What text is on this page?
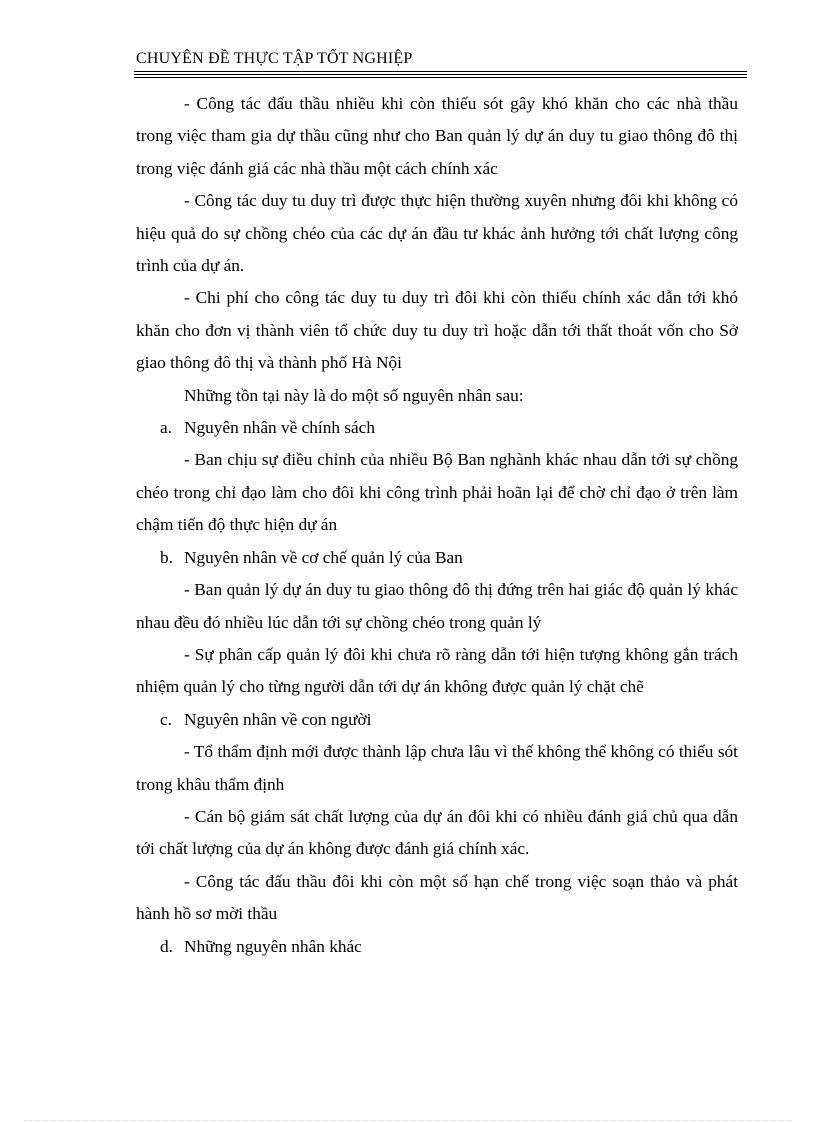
CHUYÊN ĐỀ THỰC TẬP TỐT NGHIỆP

- Công tác đấu thầu nhiều khi còn thiếu sót gây khó khăn cho các nhà thầu trong việc tham gia dự thầu cũng như cho Ban quản lý dự án duy tu giao thông đô thị trong việc đánh giá các nhà thầu một cách chính xác

- Công tác duy tu duy trì được thực hiện thường xuyên nhưng đôi khi không có hiệu quả do sự chồng chéo của các dự án đầu tư khác ảnh hưởng tới chất lượng công trình của dự án.

- Chi phí cho công tác duy tu duy trì đôi khi còn thiếu chính xác dẫn tới khó khăn cho đơn vị thành viên tổ chức duy tu duy trì hoặc dẫn tới thất thoát vốn cho Sở giao thông đô thị và thành phố Hà Nội

Những tồn tại này là do một số nguyên nhân sau:

a. Nguyên nhân về chính sách

- Ban chịu sự điều chỉnh của nhiều Bộ Ban nghành khác nhau dẫn tới sự chồng chéo trong chỉ đạo làm cho đôi khi công trình phải hoãn lại để chờ chỉ đạo ở trên làm chậm tiến độ thực hiện dự án

b. Nguyên nhân về cơ chế quản lý của Ban

- Ban quản lý dự án duy tu giao thông đô thị đứng trên hai giác độ quản lý khác nhau đều đó nhiều lúc dẫn tới sự chồng chéo trong quản lý

- Sự phân cấp quản lý đôi khi chưa rõ ràng dẫn tới hiện tượng không gắn trách nhiệm quản lý cho từng người dẫn tới dự án không được quản lý chặt chẽ

c. Nguyên nhân về con người

- Tổ thẩm định mới được thành lập chưa lâu vì thế không thể không có thiếu sót trong khâu thẩm định

- Cán bộ giám sát chất lượng của dự án đôi khi có nhiều đánh giá chủ qua dẫn tới chất lượng của dự án không được đánh giá chính xác.

- Công tác đấu thầu đôi khi còn một số hạn chế trong việc soạn thảo và phát hành hồ sơ mời thầu

d. Những nguyên nhân khác
